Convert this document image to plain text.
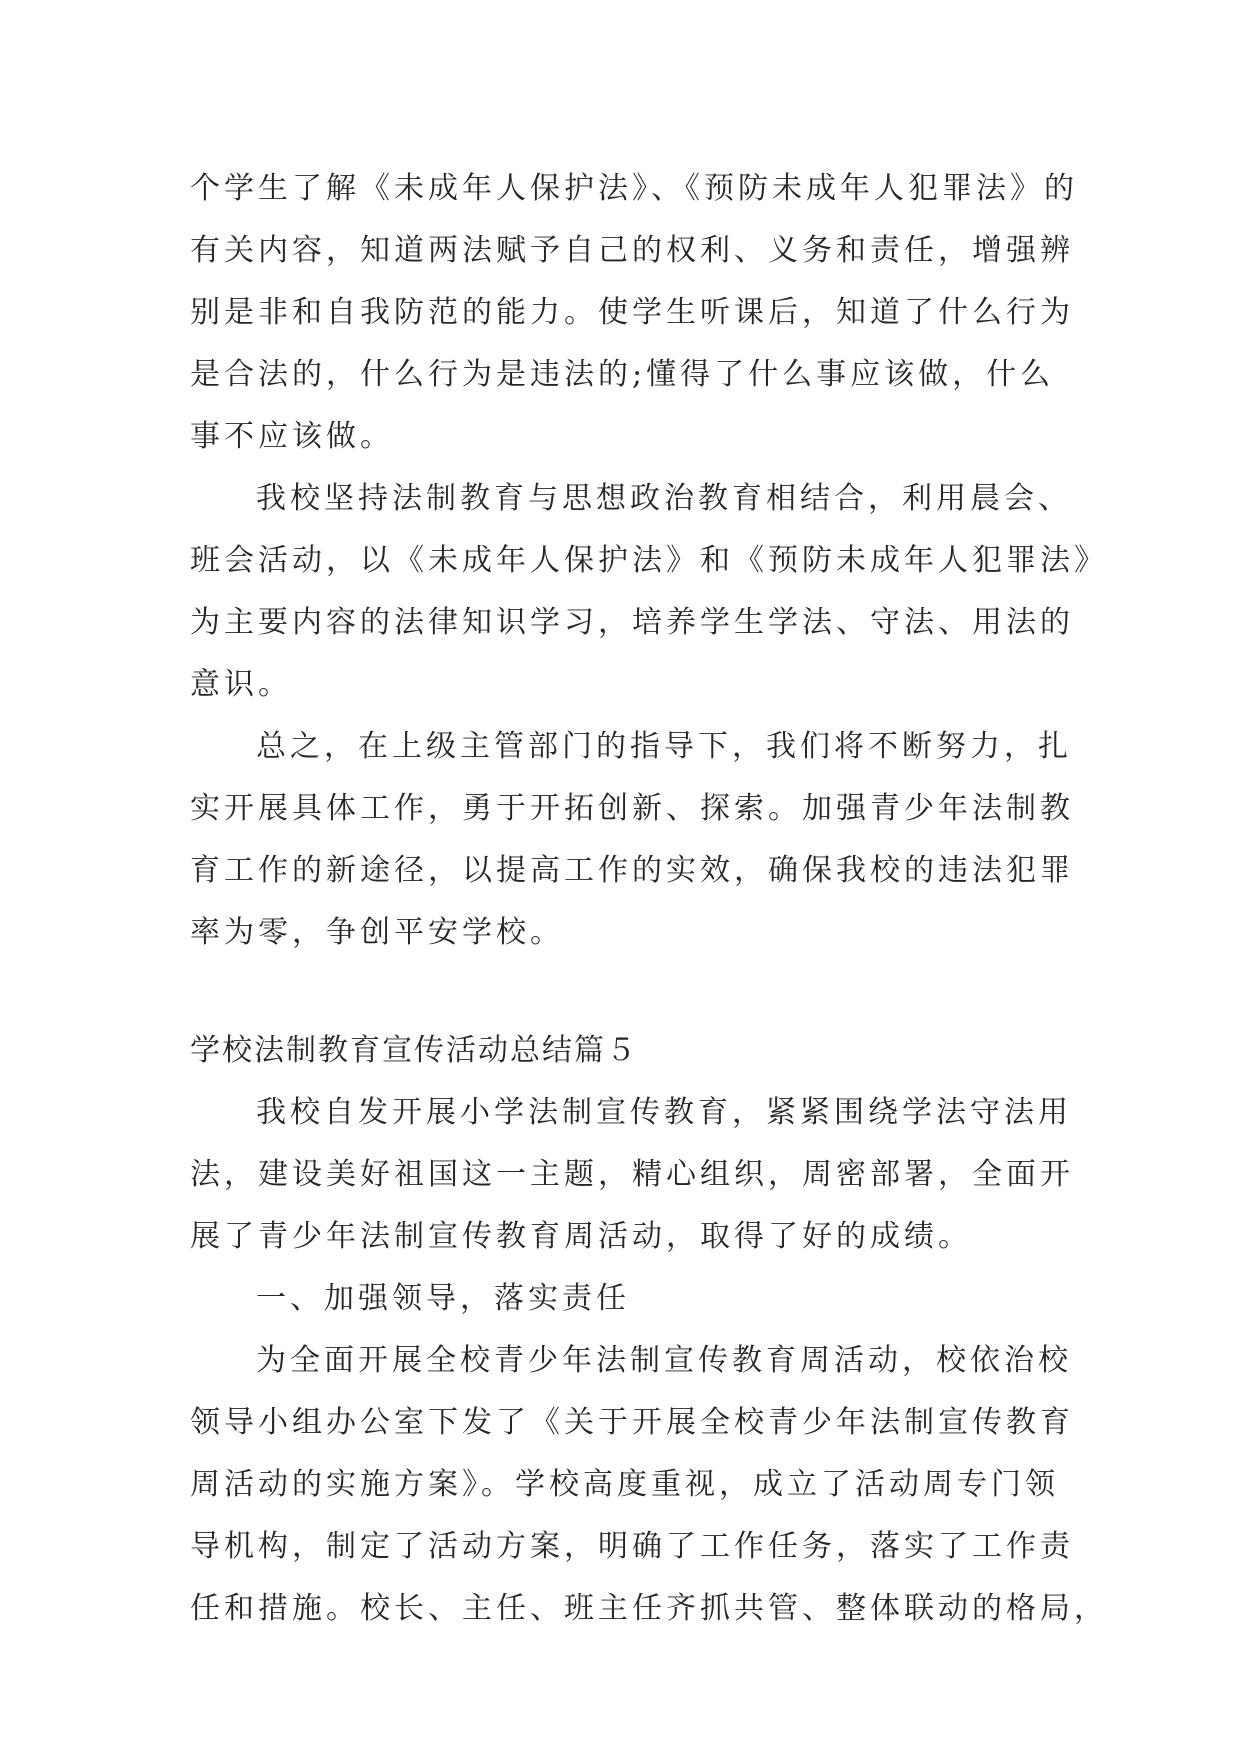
个学生了解《未成年人保护法》、《预防未成年人犯罪法》的
有关内容，知道两法赋予自己的权利、义务和责任，增强辨
别是非和自我防范的能力。使学生听课后，知道了什么行为
是合法的，什么行为是违法的;懂得了什么事应该做，什么
事不应该做。
我校坚持法制教育与思想政治教育相结合，利用晨会、
班会活动，以《未成年人保护法》和《预防未成年人犯罪法》
为主要内容的法律知识学习，培养学生学法、守法、用法的
意识。
总之，在上级主管部门的指导下，我们将不断努力，扎
实开展具体工作，勇于开拓创新、探索。加强青少年法制教
育工作的新途径，以提高工作的实效，确保我校的违法犯罪
率为零，争创平安学校。
学校法制教育宣传活动总结篇５
我校自发开展小学法制宣传教育，紧紧围绕学法守法用
法，建设美好祖国这一主题，精心组织，周密部署，全面开
展了青少年法制宣传教育周活动，取得了好的成绩。
一、加强领导，落实责任
为全面开展全校青少年法制宣传教育周活动，校依治校
领导小组办公室下发了《关于开展全校青少年法制宣传教育
周活动的实施方案》。学校高度重视，成立了活动周专门领
导机构，制定了活动方案，明确了工作任务，落实了工作责
任和措施。校长、主任、班主任齐抓共管、整体联动的格局，
